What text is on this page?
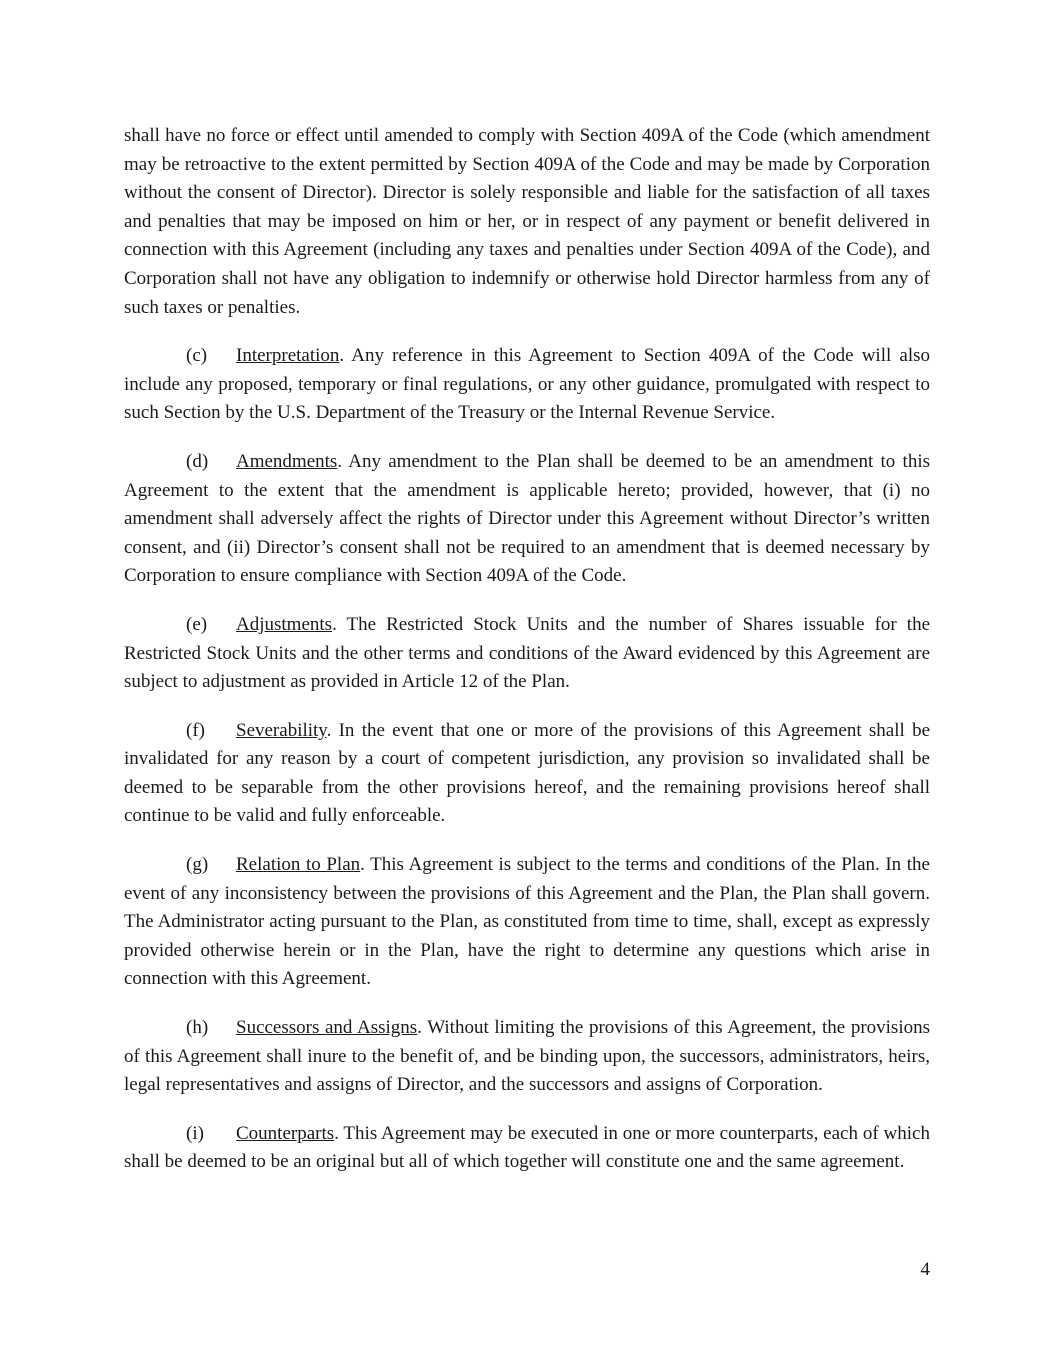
shall have no force or effect until amended to comply with Section 409A of the Code (which amendment may be retroactive to the extent permitted by Section 409A of the Code and may be made by Corporation without the consent of Director). Director is solely responsible and liable for the satisfaction of all taxes and penalties that may be imposed on him or her, or in respect of any payment or benefit delivered in connection with this Agreement (including any taxes and penalties under Section 409A of the Code), and Corporation shall not have any obligation to indemnify or otherwise hold Director harmless from any of such taxes or penalties.

(c) Interpretation. Any reference in this Agreement to Section 409A of the Code will also include any proposed, temporary or final regulations, or any other guidance, promulgated with respect to such Section by the U.S. Department of the Treasury or the Internal Revenue Service.

(d) Amendments. Any amendment to the Plan shall be deemed to be an amendment to this Agreement to the extent that the amendment is applicable hereto; provided, however, that (i) no amendment shall adversely affect the rights of Director under this Agreement without Director’s written consent, and (ii) Director’s consent shall not be required to an amendment that is deemed necessary by Corporation to ensure compliance with Section 409A of the Code.

(e) Adjustments. The Restricted Stock Units and the number of Shares issuable for the Restricted Stock Units and the other terms and conditions of the Award evidenced by this Agreement are subject to adjustment as provided in Article 12 of the Plan.

(f) Severability. In the event that one or more of the provisions of this Agreement shall be invalidated for any reason by a court of competent jurisdiction, any provision so invalidated shall be deemed to be separable from the other provisions hereof, and the remaining provisions hereof shall continue to be valid and fully enforceable.

(g) Relation to Plan. This Agreement is subject to the terms and conditions of the Plan. In the event of any inconsistency between the provisions of this Agreement and the Plan, the Plan shall govern. The Administrator acting pursuant to the Plan, as constituted from time to time, shall, except as expressly provided otherwise herein or in the Plan, have the right to determine any questions which arise in connection with this Agreement.

(h) Successors and Assigns. Without limiting the provisions of this Agreement, the provisions of this Agreement shall inure to the benefit of, and be binding upon, the successors, administrators, heirs, legal representatives and assigns of Director, and the successors and assigns of Corporation.

(i) Counterparts. This Agreement may be executed in one or more counterparts, each of which shall be deemed to be an original but all of which together will constitute one and the same agreement.

4
